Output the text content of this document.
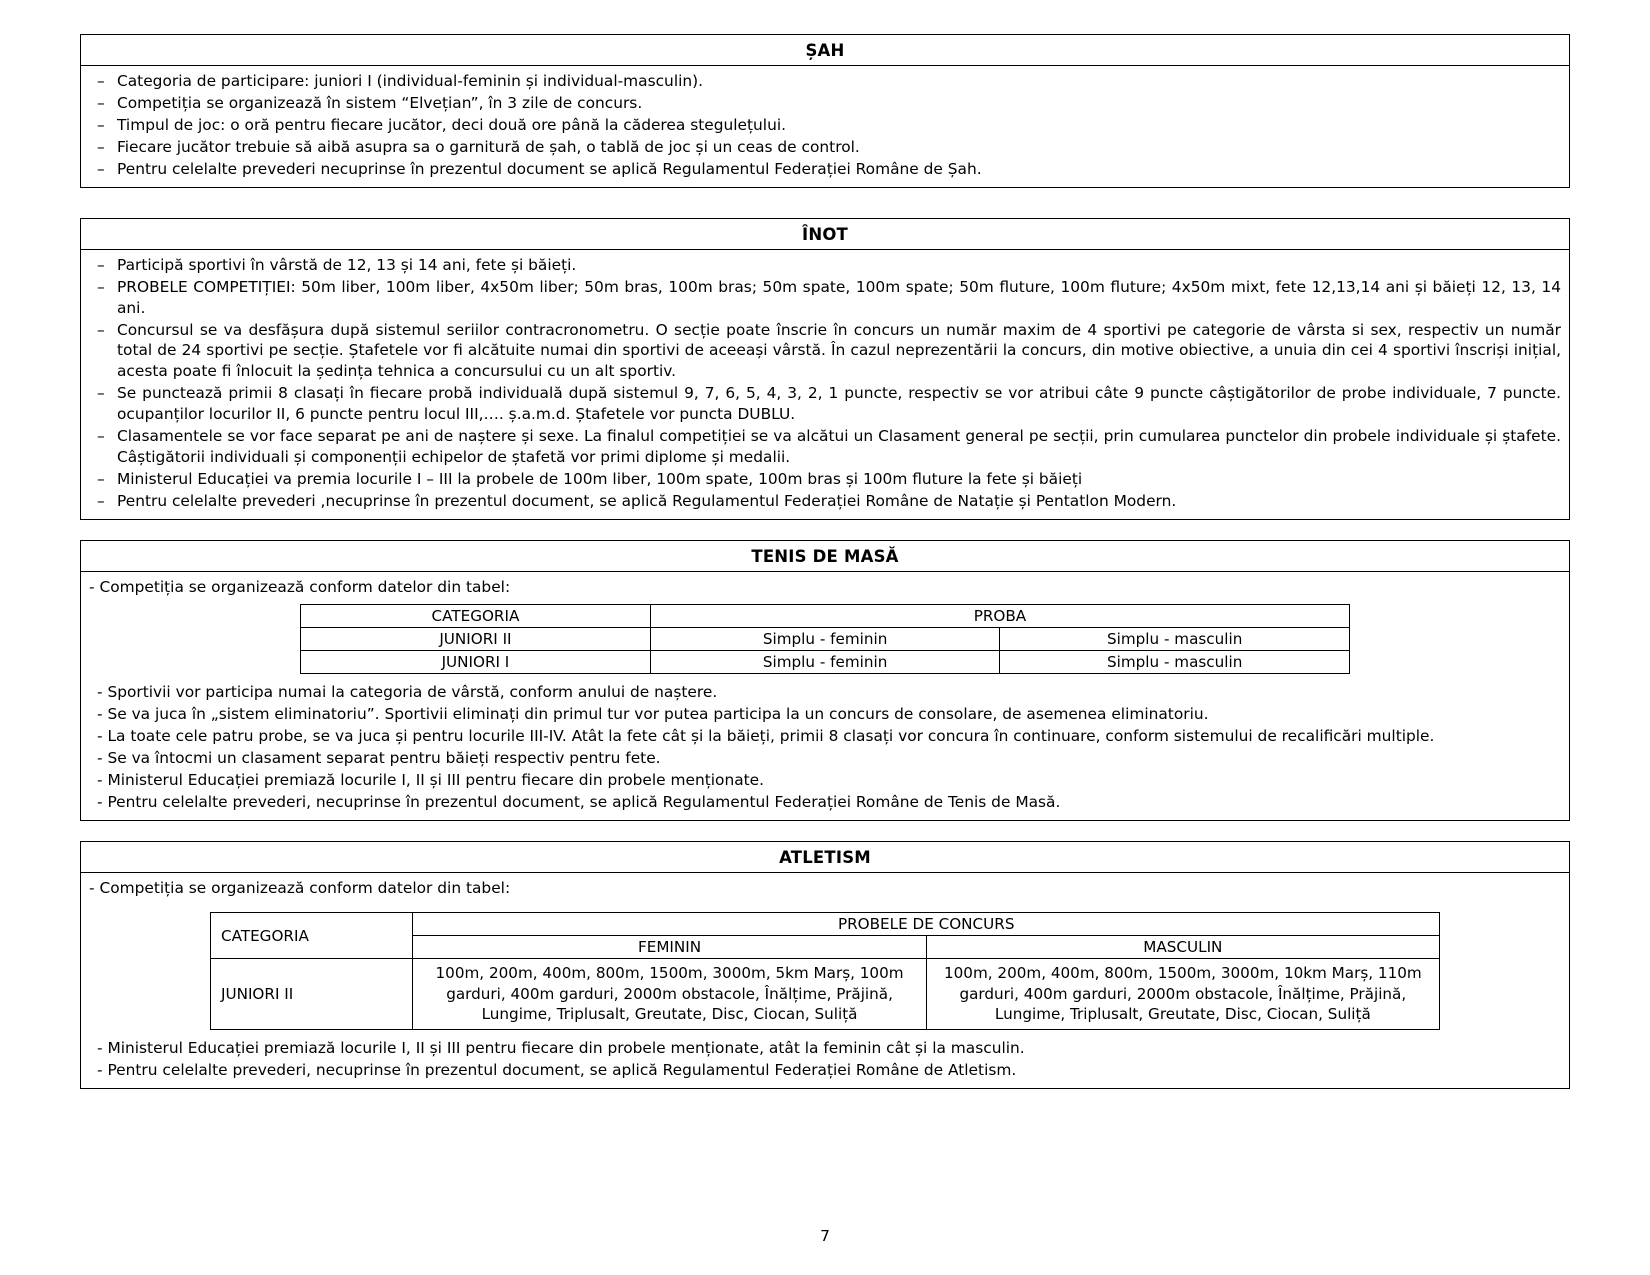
ȘAH
– Categoria de participare: juniori I (individual-feminin și individual-masculin).
– Competiția se organizează în sistem “Elvețian”, în 3 zile de concurs.
– Timpul de joc: o oră pentru fiecare jucător, deci două ore până la căderea stegulețului.
– Fiecare jucător trebuie să aibă asupra sa o garnitură de șah, o tablă de joc și un ceas de control.
– Pentru celelalte prevederi necuprinse în prezentul document se aplică Regulamentul Federației Române de Șah.
ÎNOT
– Participă sportivi în vârstă de 12, 13 și 14 ani, fete și băieți.
– PROBELE COMPETIȚIEI: 50m liber, 100m liber, 4x50m liber; 50m bras, 100m bras; 50m spate, 100m spate; 50m fluture, 100m fluture; 4x50m mixt, fete 12,13,14 ani și băieți 12, 13, 14 ani.
– Concursul se va desfășura după sistemul seriilor contracronometru. O secție poate înscrie în concurs un număr maxim de 4 sportivi pe categorie de vârsta si sex, respectiv un număr total de 24 sportivi pe secție. Ștafetele vor fi alcătuite numai din sportivi de aceeași vârstă. În cazul neprezentării la concurs, din motive obiective, a unuia din cei 4 sportivi înscriși inițial, acesta poate fi înlocuit la ședința tehnica a concursului cu un alt sportiv.
– Se punctează primii 8 clasați în fiecare probă individuală după sistemul 9, 7, 6, 5, 4, 3, 2, 1 puncte, respectiv se vor atribui câte 9 puncte câștigătorilor de probe individuale, 7 puncte. ocupanților locurilor II, 6 puncte pentru locul III,…. ș.a.m.d. Ștafetele vor puncta DUBLU.
– Clasamentele se vor face separat pe ani de naștere și sexe. La finalul competiției se va alcătui un Clasament general pe secții, prin cumularea punctelor din probele individuale și ștafete. Câștigătorii individuali și componenții echipelor de ștafetă vor primi diplome și medalii.
– Ministerul Educației va premia locurile I – III la probele de 100m liber, 100m spate, 100m bras și 100m fluture la fete și băieți
– Pentru celelalte prevederi ,necuprinse în prezentul document, se aplică Regulamentul Federației Române de Natație și Pentatlon Modern.
TENIS DE MASĂ

- Competiția se organizează conform datelor din tabel:

CATEGORIA	PROBA	
JUNIORI II	Simplu - feminin	Simplu - masculin
JUNIORI I	Simplu - feminin	Simplu - masculin

- Sportivii vor participa numai la categoria de vârstă, conform anului de naștere.

- Se va juca în „sistem eliminatoriu”. Sportivii eliminați din primul tur vor putea participa la un concurs de consolare, de asemenea eliminatoriu.

- La toate cele patru probe, se va juca și pentru locurile III-IV. Atât la fete cât și la băieți, primii 8 clasați vor concura în continuare, conform sistemului de recalificări multiple.

- Se va întocmi un clasament separat pentru băieți respectiv pentru fete.

- Ministerul Educației premiază locurile I, II și III pentru fiecare din probele menționate.

- Pentru celelalte prevederi, necuprinse în prezentul document, se aplică Regulamentul Federației Române de Tenis de Masă.

ATLETISM

- Competiția se organizează conform datelor din tabel:

CATEGORIA	PROBELE DE CONCURS	
	FEMININ	MASCULIN
JUNIORI II	100m, 200m, 400m, 800m, 1500m, 3000m, 5km Marș, 100m garduri, 400m garduri, 2000m obstacole, Înălțime, Prăjină, Lungime, Triplusalt, Greutate, Disc, Ciocan, Suliță	100m, 200m, 400m, 800m, 1500m, 3000m, 10km Marș, 110m garduri, 400m garduri, 2000m obstacole, Înălțime, Prăjină, Lungime, Triplusalt, Greutate, Disc, Ciocan, Suliță

- Ministerul Educației premiază locurile I, II și III pentru fiecare din probele menționate, atât la feminin cât și la masculin.

- Pentru celelalte prevederi, necuprinse în prezentul document, se aplică Regulamentul Federației Române de Atletism.

7
